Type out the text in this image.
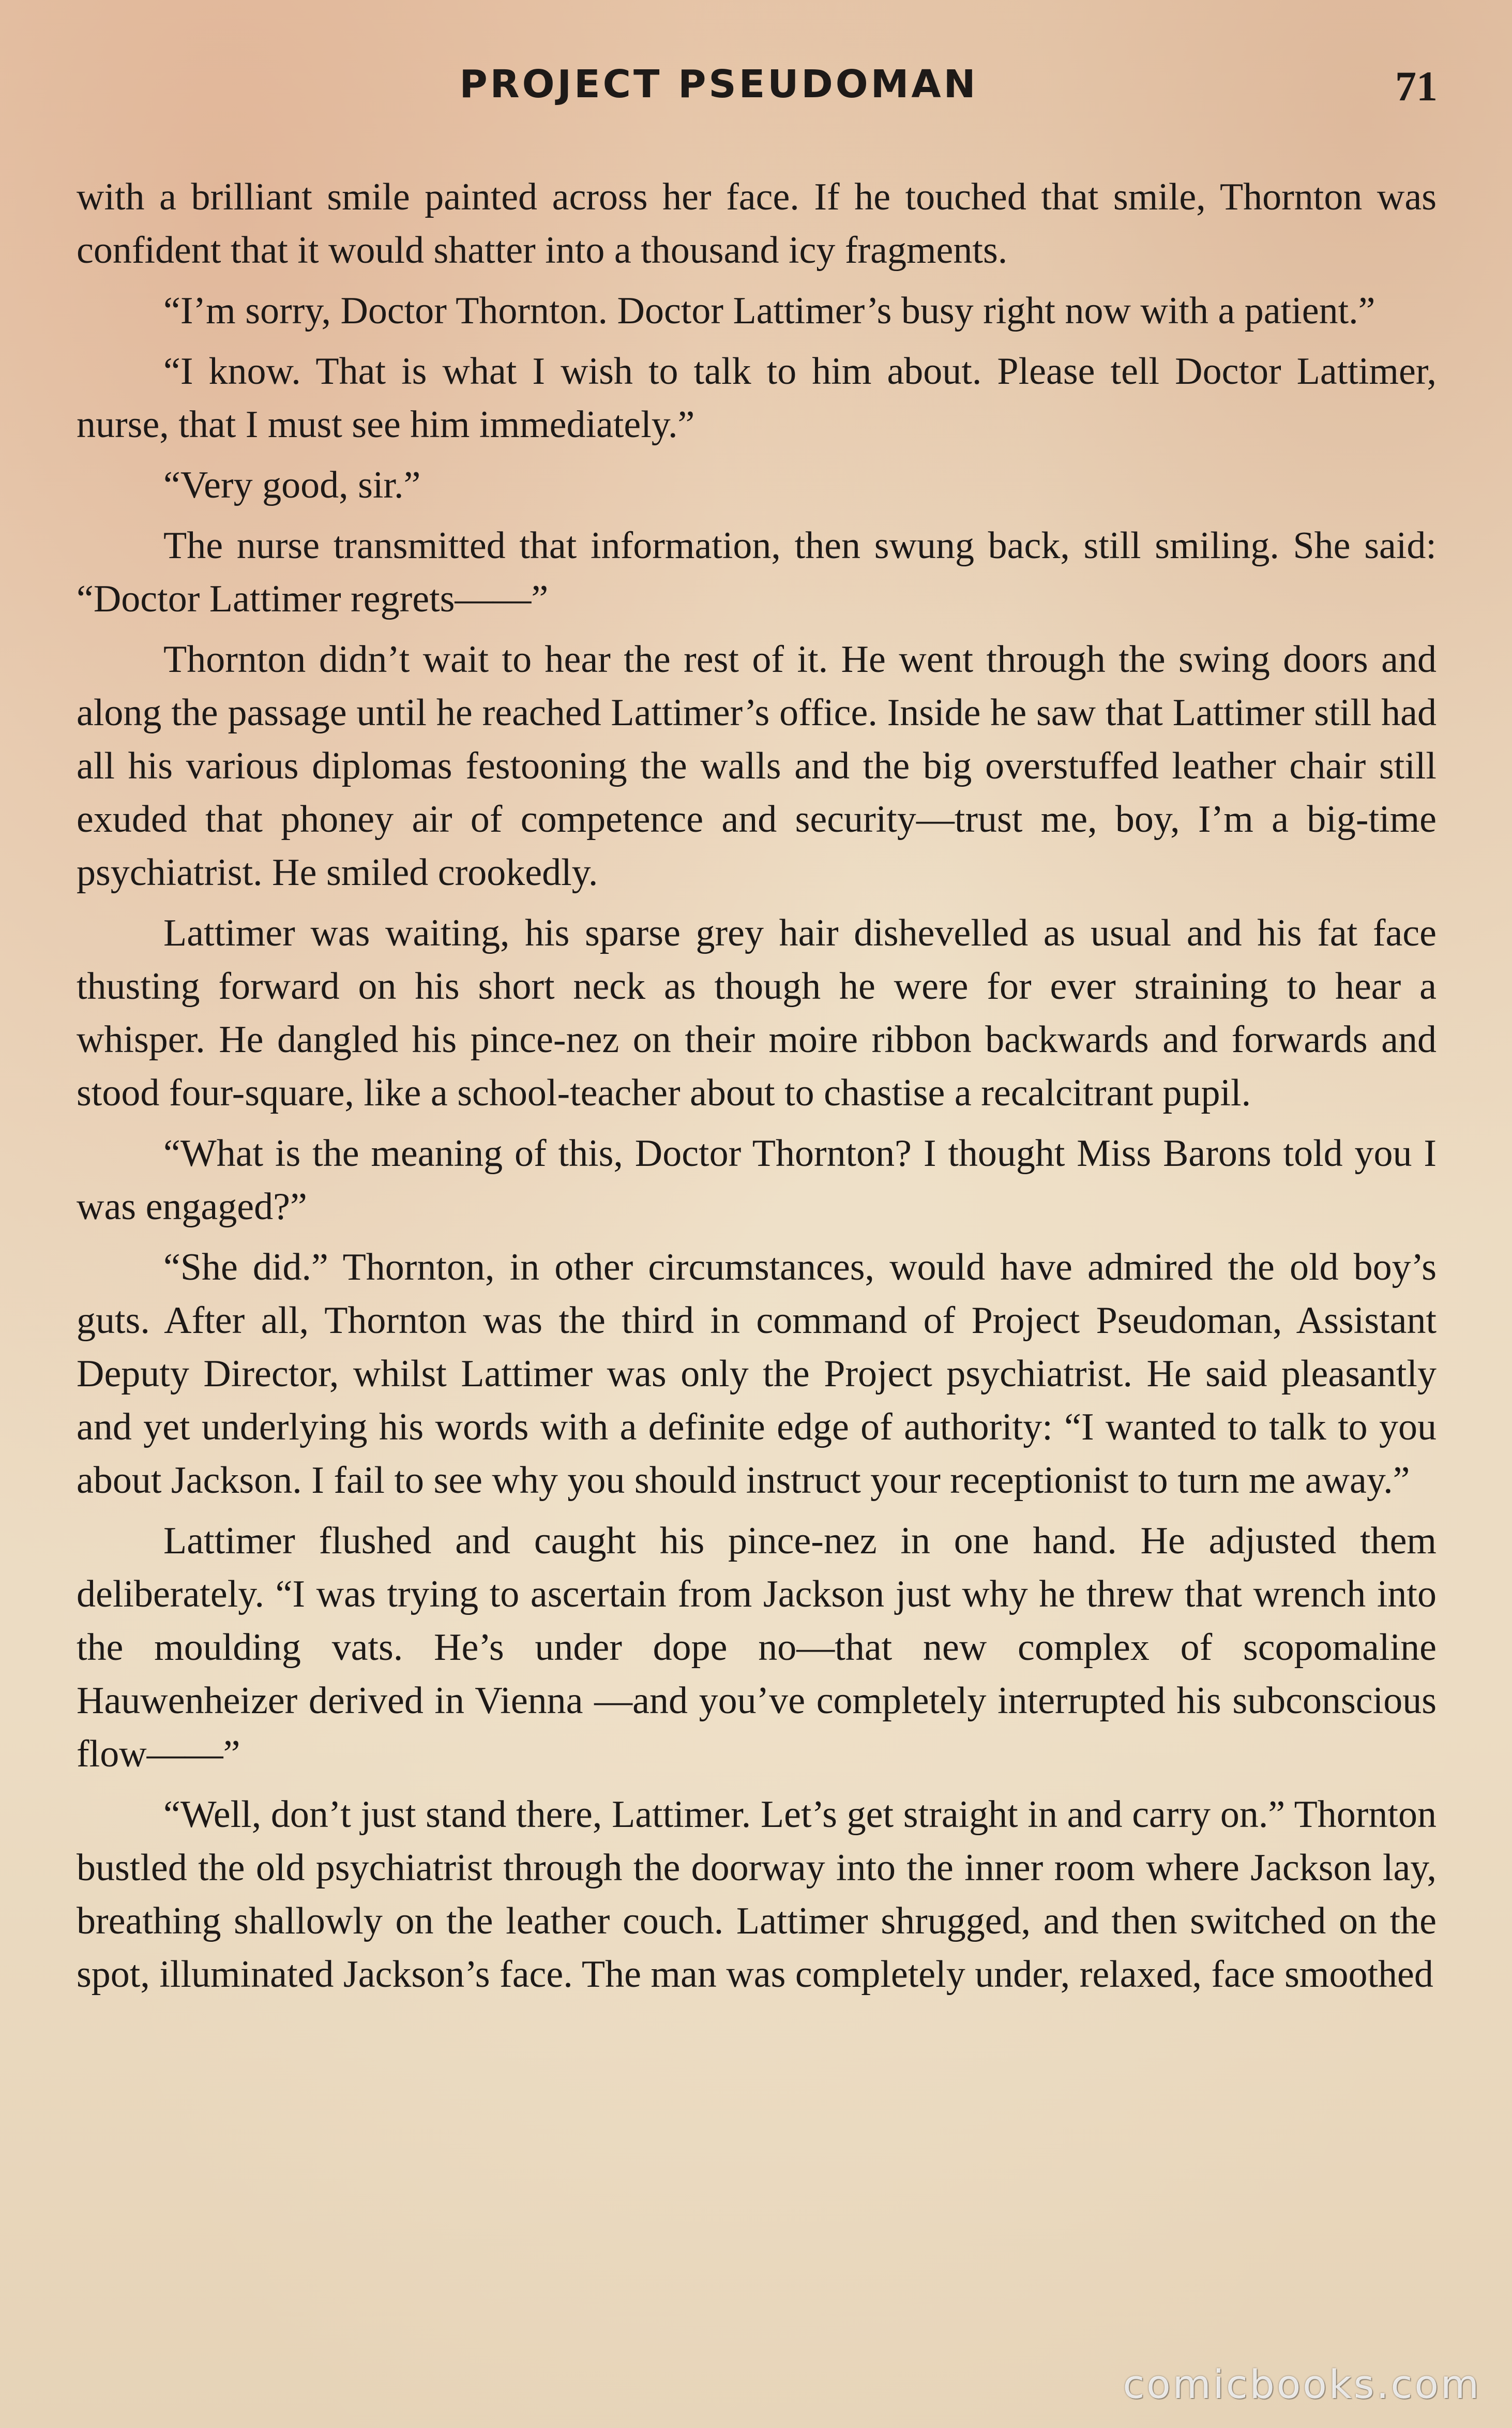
PROJECT PSEUDOMAN	71

with a brilliant smile painted across her face. If he touched that smile, Thornton was confident that it would shatter into a thousand icy fragments.

“I’m sorry, Doctor Thornton. Doctor Lattimer’s busy right now with a patient.”

“I know. That is what I wish to talk to him about. Please tell Doctor Lattimer, nurse, that I must see him immediately.”

“Very good, sir.”

The nurse transmitted that information, then swung back, still smiling. She said: “Doctor Lattimer regrets——”

Thornton didn’t wait to hear the rest of it. He went through the swing doors and along the passage until he reached Lattimer’s office. Inside he saw that Lattimer still had all his various diplomas festooning the walls and the big overstuffed leather chair still exuded that phoney air of competence and security—trust me, boy, I’m a big-time psychiatrist. He smiled crookedly.

Lattimer was waiting, his sparse grey hair dishevelled as usual and his fat face thusting forward on his short neck as though he were for ever straining to hear a whisper. He dangled his pince-nez on their moire ribbon backwards and forwards and stood four-square, like a school-teacher about to chastise a recalcitrant pupil.

“What is the meaning of this, Doctor Thornton? I thought Miss Barons told you I was engaged?”

“She did.” Thornton, in other circumstances, would have admired the old boy’s guts. After all, Thornton was the third in command of Project Pseudoman, Assistant Deputy Director, whilst Lattimer was only the Project psychiatrist. He said pleasantly and yet underlying his words with a definite edge of authority: “I wanted to talk to you about Jackson. I fail to see why you should instruct your receptionist to turn me away.”

Lattimer flushed and caught his pince-nez in one hand. He adjusted them deliberately. “I was trying to ascertain from Jackson just why he threw that wrench into the moulding vats. He’s under dope no—that new complex of scopomaline Hauwenheizer derived in Vienna —and you’ve completely interrupted his subconscious flow——”

“Well, don’t just stand there, Lattimer. Let’s get straight in and carry on.” Thornton bustled the old psychiatrist through the doorway into the inner room where Jackson lay, breathing shallowly on the leather couch. Lattimer shrugged, and then switched on the spot, illuminated Jackson’s face. The man was completely under, relaxed, face smoothed

comicbooks.com
